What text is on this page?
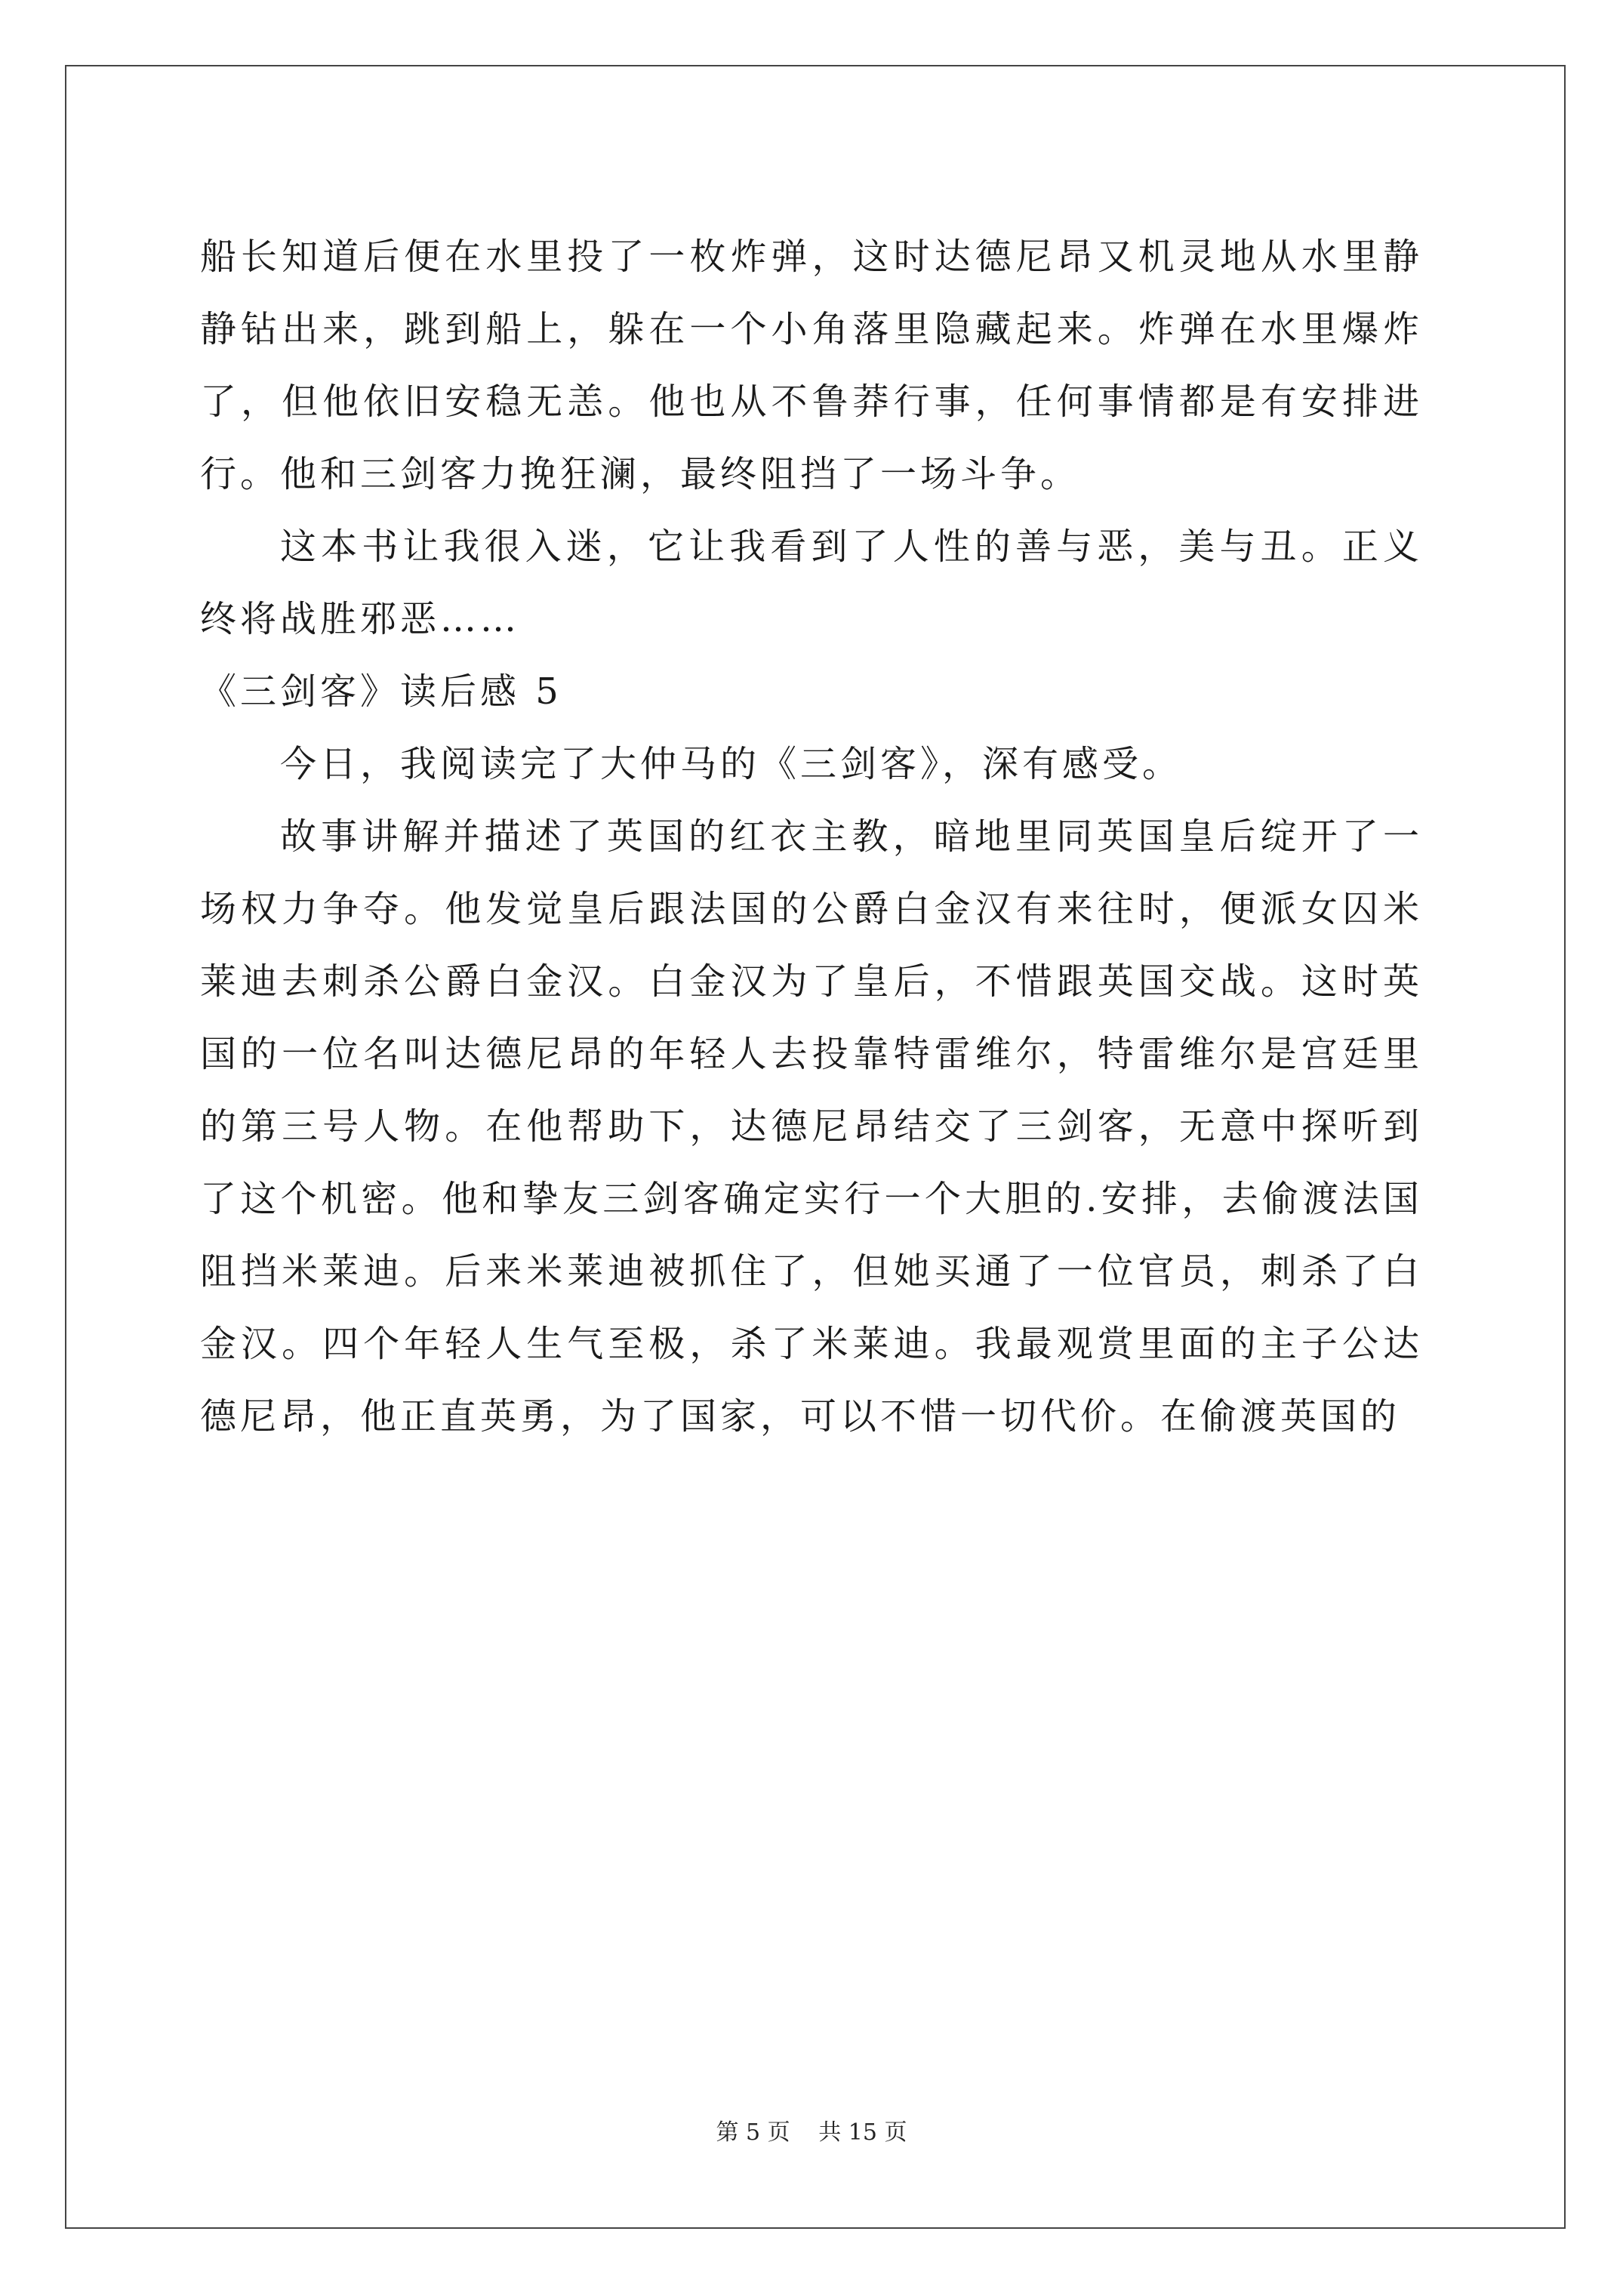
船长知道后便在水里投了一枚炸弹，这时达德尼昂又机灵地从水里静静钻出来，跳到船上，躲在一个小角落里隐藏起来。炸弹在水里爆炸了，但他依旧安稳无恙。他也从不鲁莽行事，任何事情都是有安排进行。他和三剑客力挽狂澜，最终阻挡了一场斗争。

这本书让我很入迷，它让我看到了人性的善与恶，美与丑。正义终将战胜邪恶……

《三剑客》读后感 5

今日，我阅读完了大仲马的《三剑客》，深有感受。

故事讲解并描述了英国的红衣主教，暗地里同英国皇后绽开了一场权力争夺。他发觉皇后跟法国的公爵白金汉有来往时，便派女囚米莱迪去刺杀公爵白金汉。白金汉为了皇后，不惜跟英国交战。这时英国的一位名叫达德尼昂的年轻人去投靠特雷维尔，特雷维尔是宫廷里的第三号人物。在他帮助下，达德尼昂结交了三剑客，无意中探听到了这个机密。他和挚友三剑客确定实行一个大胆的.安排，去偷渡法国阻挡米莱迪。后来米莱迪被抓住了，但她买通了一位官员，刺杀了白金汉。四个年轻人生气至极，杀了米莱迪。我最观赏里面的主子公达德尼昂，他正直英勇，为了国家，可以不惜一切代价。在偷渡英国的

第 5 页 共 15 页
